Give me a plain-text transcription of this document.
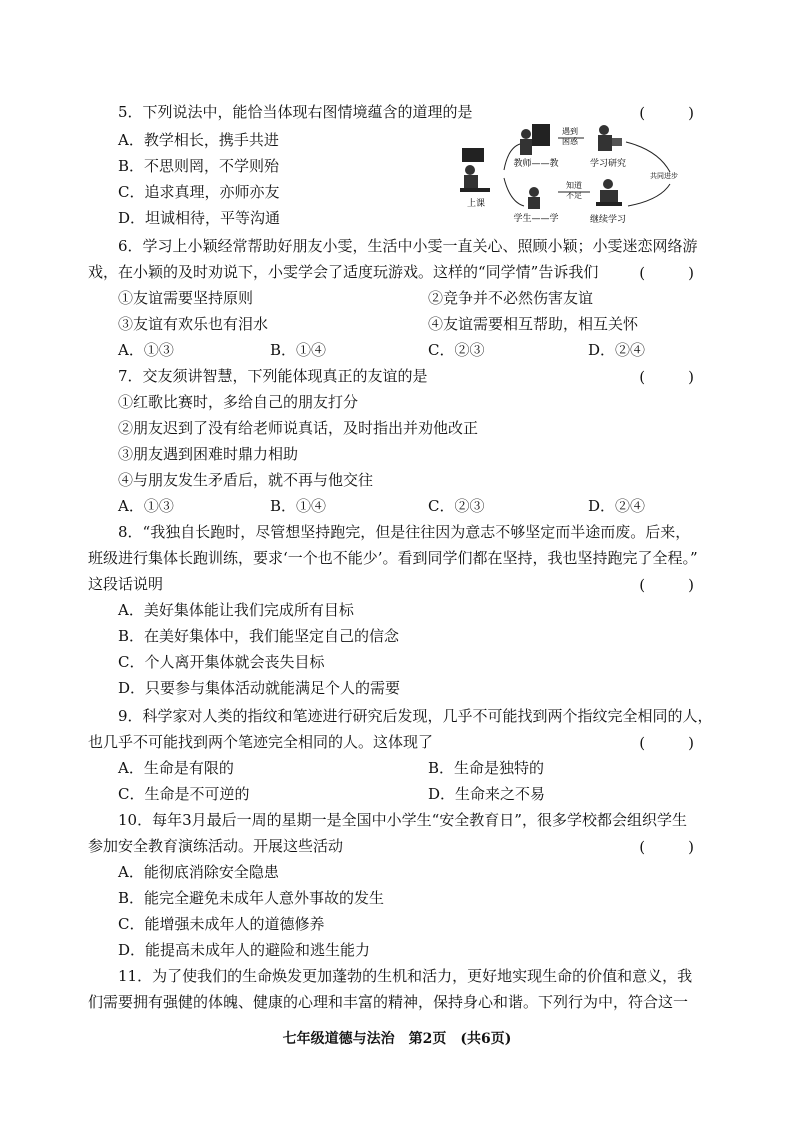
5．下列说法中，能恰当体现右图情境蕴含的道理的是	(　)
A．教学相长，携手共进
B．不思则罔，不学则殆
C．追求真理，亦师亦友
D．坦诚相待，平等沟通
上课
教师——教
遇到
困惑
学习研究
共同进步
知道
不足
学生——学	继续学习
6．学习上小颖经常帮助好朋友小雯，生活中小雯一直关心、照顾小颖；小雯迷恋网络游
戏，在小颖的及时劝说下，小雯学会了适度玩游戏。这样的“同学情”告诉我们	(　)
①友谊需要坚持原则	②竞争并不必然伤害友谊
③友谊有欢乐也有泪水	④友谊需要相互帮助，相互关怀
A．①③	B．①④	C．②③	D．②④
7．交友须讲智慧，下列能体现真正的友谊的是	(　)
①红歌比赛时，多给自己的朋友打分
②朋友迟到了没有给老师说真话，及时指出并劝他改正
③朋友遇到困难时鼎力相助
④与朋友发生矛盾后，就不再与他交往
A．①③	B．①④	C．②③	D．②④
8．“我独自长跑时，尽管想坚持跑完，但是往往因为意志不够坚定而半途而废。后来，
班级进行集体长跑训练，要求‘一个也不能少’。看到同学们都在坚持，我也坚持跑完了全程。”
这段话说明	(　)
A．美好集体能让我们完成所有目标
B．在美好集体中，我们能坚定自己的信念
C．个人离开集体就会丧失目标
D．只要参与集体活动就能满足个人的需要
9．科学家对人类的指纹和笔迹进行研究后发现，几乎不可能找到两个指纹完全相同的人，
也几乎不可能找到两个笔迹完全相同的人。这体现了	(　)
A．生命是有限的	B．生命是独特的
C．生命是不可逆的	D．生命来之不易
10．每年3月最后一周的星期一是全国中小学生“安全教育日”，很多学校都会组织学生
参加安全教育演练活动。开展这些活动	(　)
A．能彻底消除安全隐患
B．能完全避免未成年人意外事故的发生
C．能增强未成年人的道德修养
D．能提高未成年人的避险和逃生能力
11．为了使我们的生命焕发更加蓬勃的生机和活力，更好地实现生命的价值和意义，我
们需要拥有强健的体魄、健康的心理和丰富的精神，保持身心和谐。下列行为中，符合这一
七年级道德与法治　第2页　(共6页)
